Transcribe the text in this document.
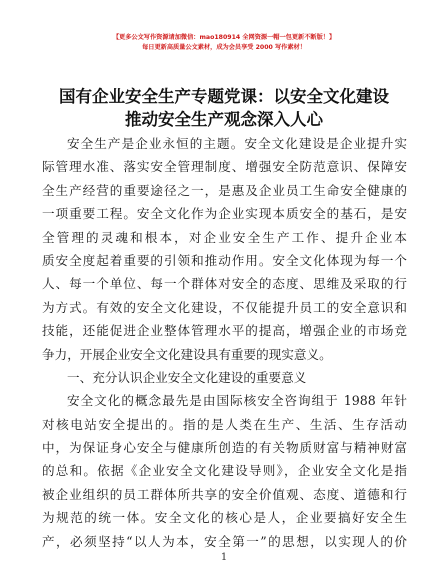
【更多公文写作资源请加微信：mao180914 全网资源一帽一包更新不断版！】
每日更新高质量公文素材，成为会员享受 2000 写作素材！
国有企业安全生产专题党课：以安全文化建设
推动安全生产观念深入人心
安全生产是企业永恒的主题。安全文化建设是企业提升实
际管理水准、落实安全管理制度、增强安全防范意识、保障安
全生产经营的重要途径之一，是惠及企业员工生命安全健康的
一项重要工程。安全文化作为企业实现本质安全的基石，是安
全管理的灵魂和根本，对企业安全生产工作、提升企业本
质安全度起着重要的引领和推动作用。安全文化体现为每一个
人、每一个单位、每一个群体对安全的态度、思维及采取的行
为方式。有效的安全文化建设，不仅能提升员工的安全意识和
技能，还能促进企业整体管理水平的提高，增强企业的市场竞
争力，开展企业安全文化建设具有重要的现实意义。
一、充分认识企业安全文化建设的重要意义
安全文化的概念最先是由国际核安全咨询组于 1988 年针
对核电站安全提出的。指的是人类在生产、生活、生存活动
中，为保证身心安全与健康所创造的有关物质财富与精神财富
的总和。依据《企业安全文化建设导则》，企业安全文化是指
被企业组织的员工群体所共享的安全价值观、态度、道德和行
为规范的统一体。安全文化的核心是人，企业要搞好安全生
产，必须坚持“以人为本，安全第一”的思想，以实现人的价
1
